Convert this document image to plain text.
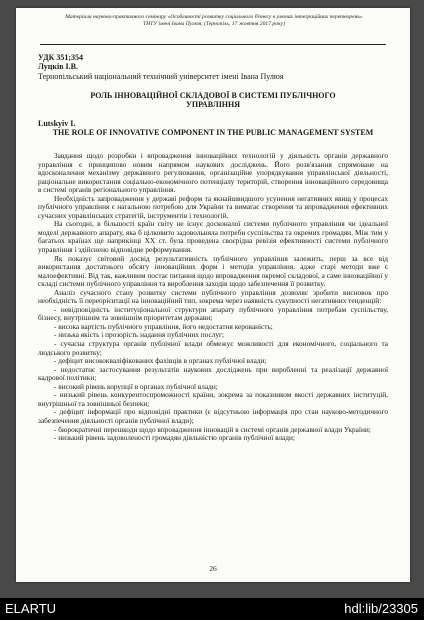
Матеріали науково-практичного семінару «Особливості розвитку соціального бізнесу в умовах інтеграційних перетворень»
ТНТУ імені Івана Пулюя, (Тернопіль, 17 жовтня 2017 року)
УДК 351;354
Луцків І.В.
Тернопільський національний технічний університет імені Івана Пулюя
РОЛЬ ІННОВАЦІЙНОЇ СКЛАДОВОЇ В СИСТЕМІ ПУБЛІЧНОГО УПРАВЛІННЯ
Lutskyiv I.
THE ROLE OF INNOVATIVE COMPONENT IN THE PUBLIC MANAGEMENT SYSTEM

Завдання щодо розробки і впровадження інноваційних технологій у діяльність органів державного управління є принципово новим напрямом наукових досліджень. Його розв'язання спрямоване на вдосконалення механізму державного регулювання, організаційне упорядкування управлінської діяльності, раціональне використання соціально-економічного потенціалу територій, створення інноваційного середовища в системі органів регіонального управління.

Необхідність запровадження у державі реформ та якнайшвидшого усунення негативних явищ у процесах публічного управління є нагальною потребою для України та вимагає створення та впровадження ефективних сучасних управлінських стратегій, інструментів і технологій.

На сьогодні, в більшості країн світу не існує досконалої системи публічного управління чи ідеальної моделі державного апарату, яка б цілковито задовольняла потреби суспільства та окремих громадян. Між тим у багатьох країнах ще наприкінці ХХ ст. була проведена своєрідна ревізія ефективності системи публічного управління і здійснено відповідне реформування.

Як показує світовий досвід результативність публічного управління залежить, перш за все від використання достатнього обсягу інноваційних форм і методів управління, адже старі методи вже є малоефективні. Від так, важливим постає питання щодо впровадження окремої складової, а саме інноваційної у складі системи публічного управління та вироблення заходів щодо забезпечення її розвитку.

Аналіз сучасного стану розвитку системи публічного управління дозволяє зробити висновок про необхідність її переорієнтації на інноваційний тип, зокрема через наявність сукупності негативних тенденцій:

- невідповідність інституціональної структури апарату публічного управління потребам суспільству, бізнесу, внутрішнім та зовнішнім пріоритетам держави;

- висока вартість публічного управління, його недостатня керованість;

- низька якість і прозорість надання публічних послуг;

- сучасна структура органів публічної влади обмежує можливості для економічного, соціального та людського розвитку;

- дефіцит висококваліфікованих фахівців в органах публічної влади;

- недостатнє застосування результатів наукових досліджень при виробленні та реалізації державної кадрової політики;

- високий рівень корупції в органах публічної влади;

- низький рівень конкурентоспроможності країни, зокрема за показником якості державних інституцій, внутрішньої та зовнішньої безпеки;

- дефіцит інформації про відповідні практики (є відсутньою інформація про стан науково-методичного забезпечення діяльності органів публічної влади);

- бюрократичні перешкоди щодо впровадження інновацій в системі органів державної влади України;

- низький рівень задоволеності громадян діяльністю органів публічної влади;

26
ELARTU	hdl:lib/23305
